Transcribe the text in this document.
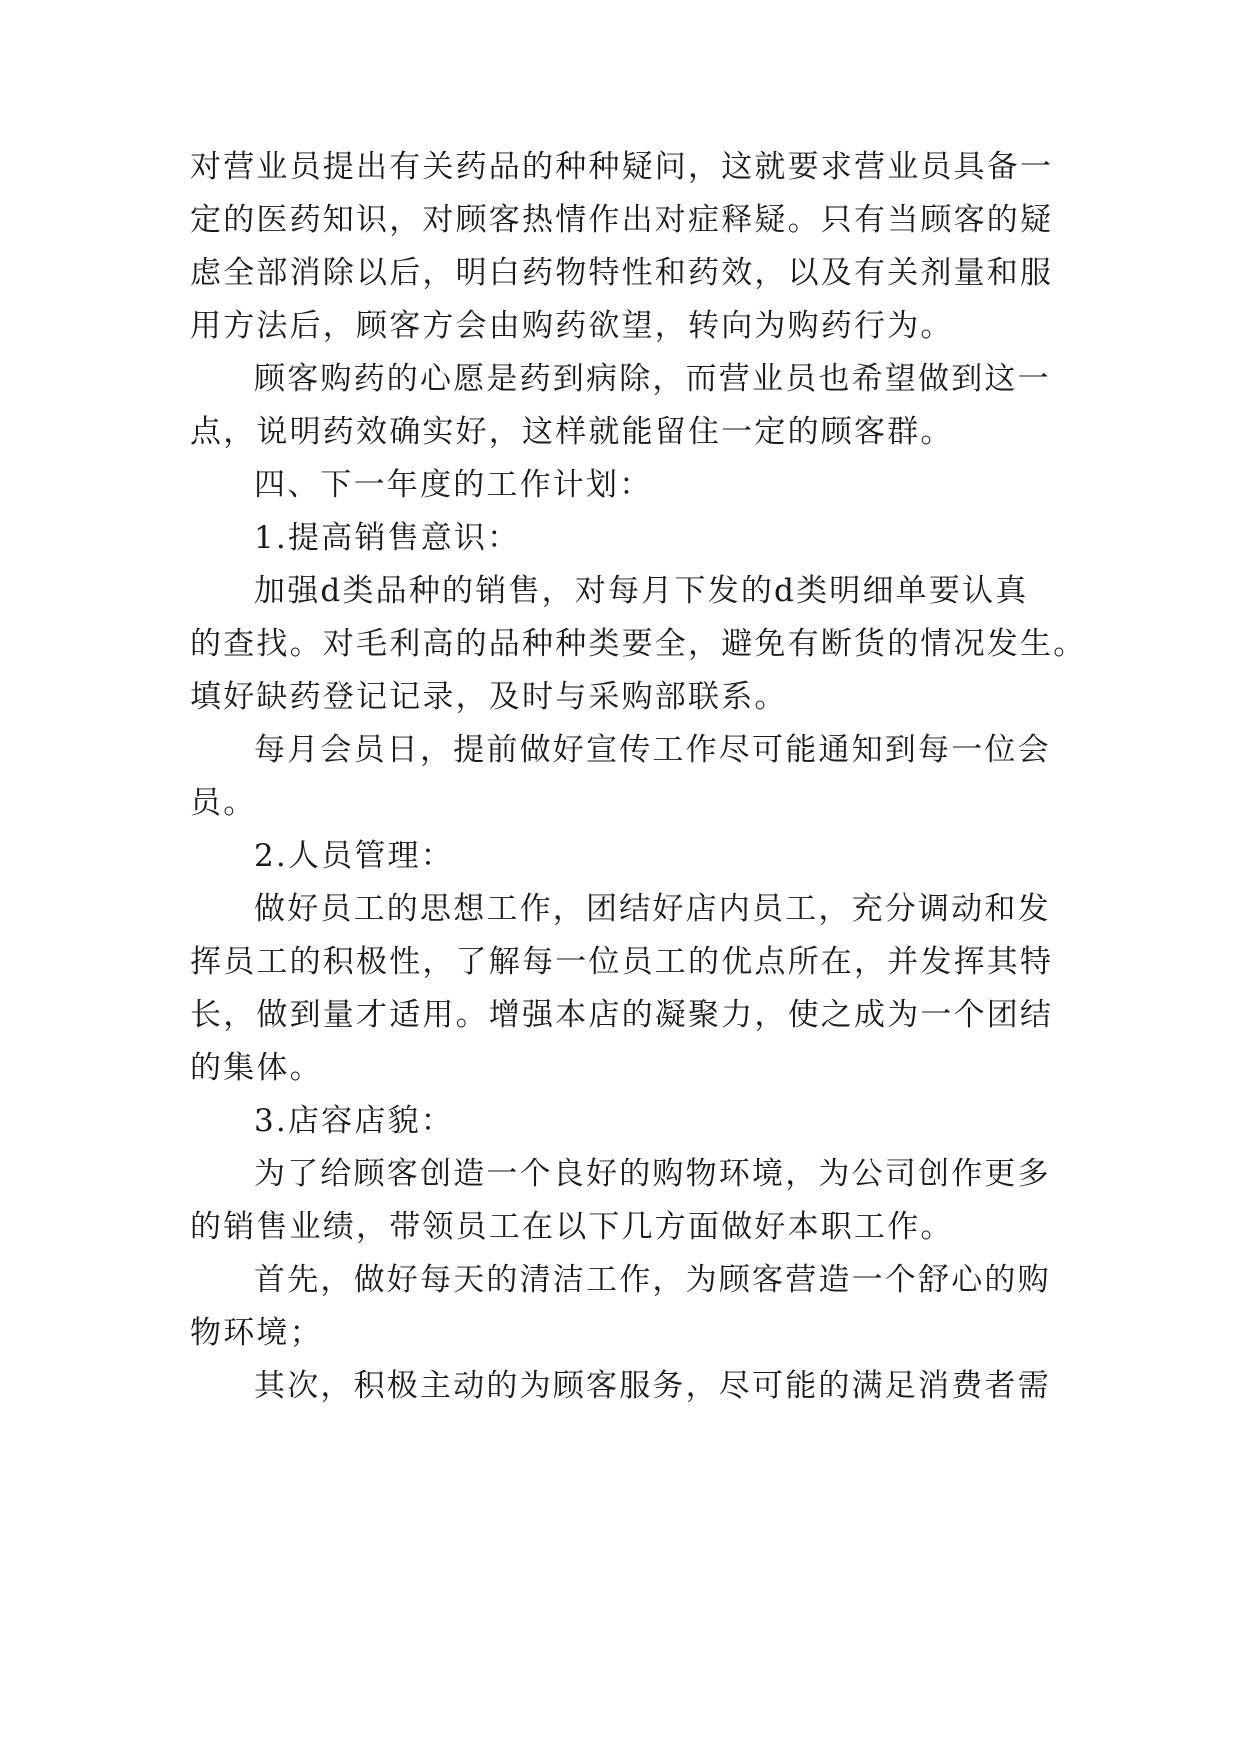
对营业员提出有关药品的种种疑问，这就要求营业员具备一
定的医药知识，对顾客热情作出对症释疑。只有当顾客的疑
虑全部消除以后，明白药物特性和药效，以及有关剂量和服
用方法后，顾客方会由购药欲望，转向为购药行为。
顾客购药的心愿是药到病除，而营业员也希望做到这一
点，说明药效确实好，这样就能留住一定的顾客群。
四、下一年度的工作计划：
1.提高销售意识：
加强d类品种的销售，对每月下发的d类明细单要认真
的查找。对毛利高的品种种类要全，避免有断货的情况发生。
填好缺药登记记录，及时与采购部联系。
每月会员日，提前做好宣传工作尽可能通知到每一位会
员。
2.人员管理：
做好员工的思想工作，团结好店内员工，充分调动和发
挥员工的积极性，了解每一位员工的优点所在，并发挥其特
长，做到量才适用。增强本店的凝聚力，使之成为一个团结
的集体。
3.店容店貌：
为了给顾客创造一个良好的购物环境，为公司创作更多
的销售业绩，带领员工在以下几方面做好本职工作。
首先，做好每天的清洁工作，为顾客营造一个舒心的购
物环境；
其次，积极主动的为顾客服务，尽可能的满足消费者需
